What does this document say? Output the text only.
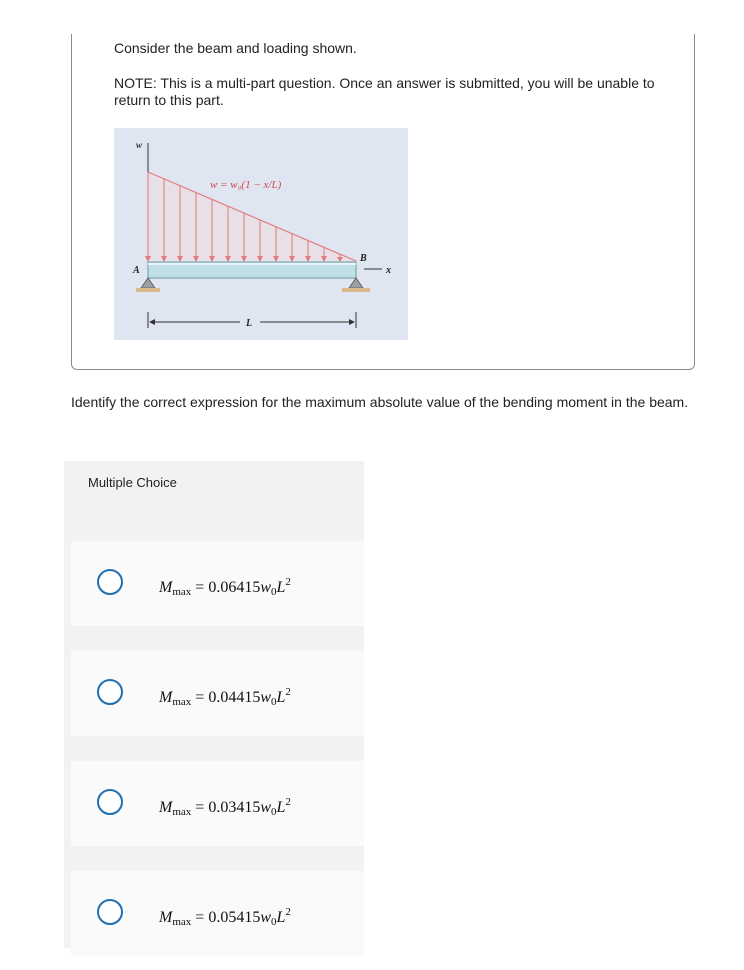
Consider the beam and loading shown.
NOTE: This is a multi-part question. Once an answer is submitted, you will be unable to return to this part.
w
w = w₀(1 − x/L)
A
B
x
L
Identify the correct expression for the maximum absolute value of the bending moment in the beam.
Multiple Choice
$M_{max} = 0.06415w_0L^2$
$M_{max} = 0.04415w_0L^2$
$M_{max} = 0.03415w_0L^2$
$M_{max} = 0.05415w_0L^2$
